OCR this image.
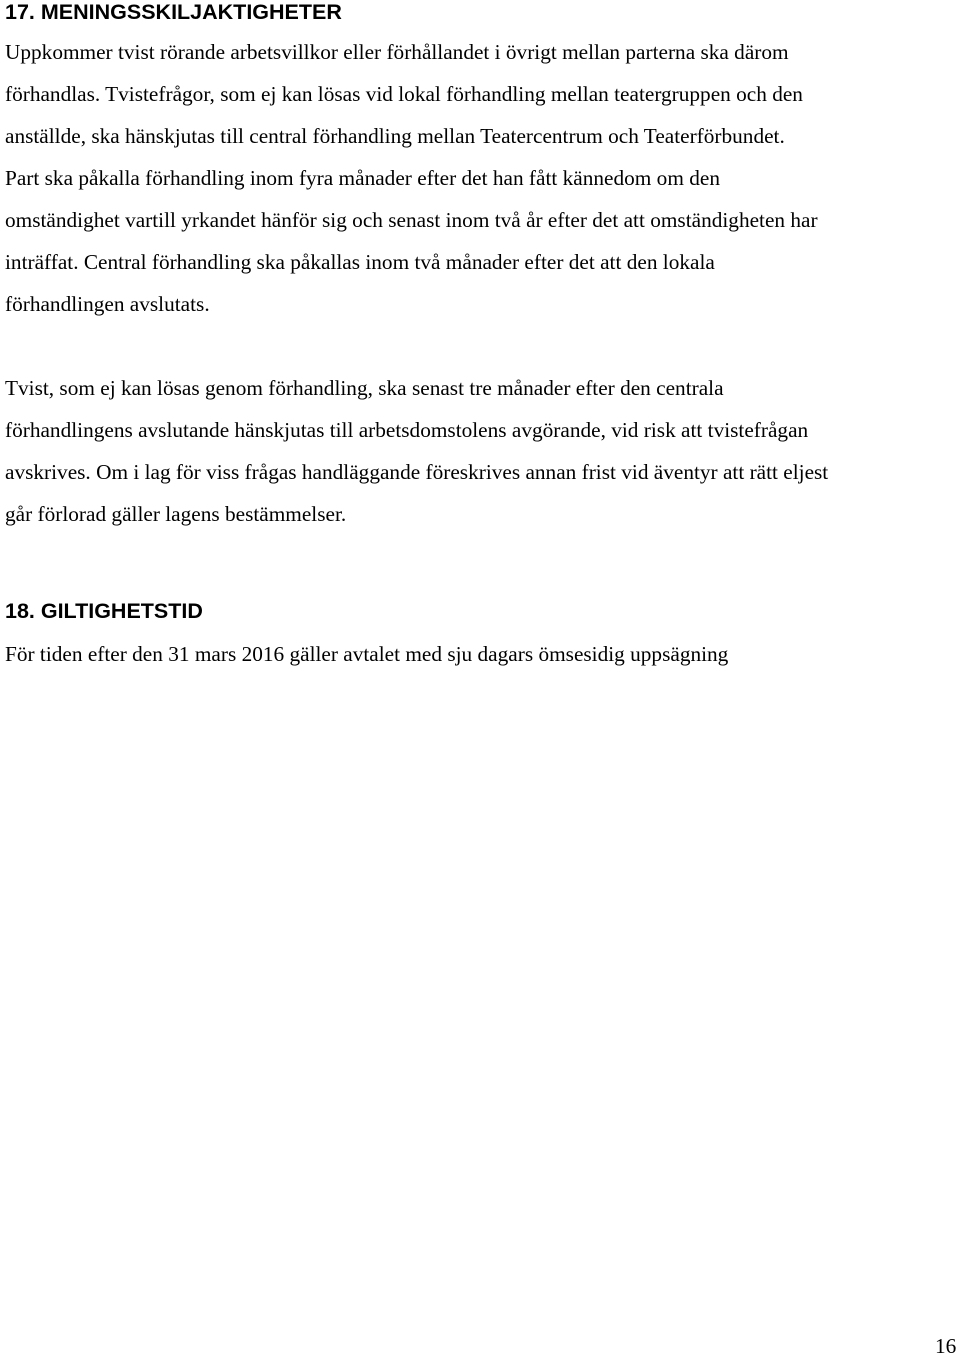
17. MENINGSSKILJAKTIGHETER

Uppkommer tvist rörande arbetsvillkor eller förhållandet i övrigt mellan parterna ska därom
förhandlas. Tvistefrågor, som ej kan lösas vid lokal förhandling mellan teatergruppen och den
anställde, ska hänskjutas till central förhandling mellan Teatercentrum och Teaterförbundet.
Part ska påkalla förhandling inom fyra månader efter det han fått kännedom om den
omständighet vartill yrkandet hänför sig och senast inom två år efter det att omständigheten har
inträffat. Central förhandling ska påkallas inom två månader efter det att den lokala
förhandlingen avslutats.

Tvist, som ej kan lösas genom förhandling, ska senast tre månader efter den centrala
förhandlingens avslutande hänskjutas till arbetsdomstolens avgörande, vid risk att tvistefrågan
avskrives. Om i lag för viss frågas handläggande föreskrives annan frist vid äventyr att rätt eljest
går förlorad gäller lagens bestämmelser.

18. GILTIGHETSTID

För tiden efter den 31 mars 2016 gäller avtalet med sju dagars ömsesidig uppsägning

16
